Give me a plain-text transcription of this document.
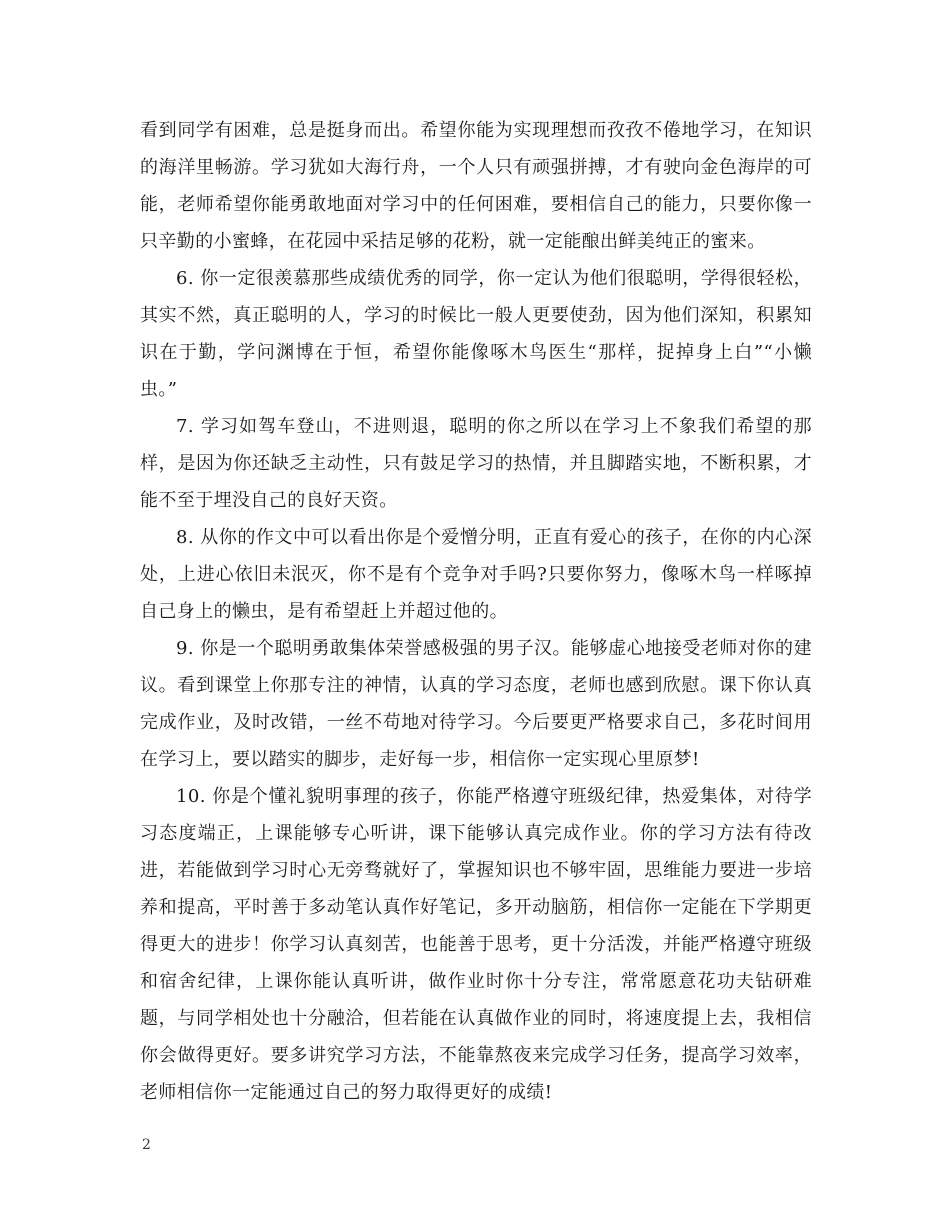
看到同学有困难，总是挺身而出。希望你能为实现理想而孜孜不倦地学习，在知识的海洋里畅游。学习犹如大海行舟，一个人只有顽强拼搏，才有驶向金色海岸的可能，老师希望你能勇敢地面对学习中的任何困难，要相信自己的能力，只要你像一只辛勤的小蜜蜂，在花园中采拮足够的花粉，就一定能酿出鲜美纯正的蜜来。

6. 你一定很羡慕那些成绩优秀的同学，你一定认为他们很聪明，学得很轻松，其实不然，真正聪明的人，学习的时候比一般人更要使劲，因为他们深知，积累知识在于勤，学问渊博在于恒，希望你能像啄木鸟医生“那样，捉掉身上白”“小懒虫。”

7. 学习如驾车登山，不进则退，聪明的你之所以在学习上不象我们希望的那样，是因为你还缺乏主动性，只有鼓足学习的热情，并且脚踏实地，不断积累，才能不至于埋没自己的良好天资。

8. 从你的作文中可以看出你是个爱憎分明，正直有爱心的孩子，在你的内心深处，上进心依旧未泯灭，你不是有个竞争对手吗?只要你努力，像啄木鸟一样啄掉自己身上的懒虫，是有希望赶上并超过他的。

9. 你是一个聪明勇敢集体荣誉感极强的男子汉。能够虚心地接受老师对你的建议。看到课堂上你那专注的神情，认真的学习态度，老师也感到欣慰。课下你认真完成作业，及时改错，一丝不苟地对待学习。今后要更严格要求自己，多花时间用在学习上，要以踏实的脚步，走好每一步，相信你一定实现心里原梦!

10. 你是个懂礼貌明事理的孩子，你能严格遵守班级纪律，热爱集体，对待学习态度端正，上课能够专心听讲，课下能够认真完成作业。你的学习方法有待改进，若能做到学习时心无旁骛就好了，掌握知识也不够牢固，思维能力要进一步培养和提高，平时善于多动笔认真作好笔记，多开动脑筋，相信你一定能在下学期更得更大的进步！你学习认真刻苦，也能善于思考，更十分活泼，并能严格遵守班级和宿舍纪律，上课你能认真听讲，做作业时你十分专注，常常愿意花功夫钻研难题，与同学相处也十分融洽，但若能在认真做作业的同时，将速度提上去，我相信你会做得更好。要多讲究学习方法，不能靠熬夜来完成学习任务，提高学习效率，老师相信你一定能通过自己的努力取得更好的成绩!

2
